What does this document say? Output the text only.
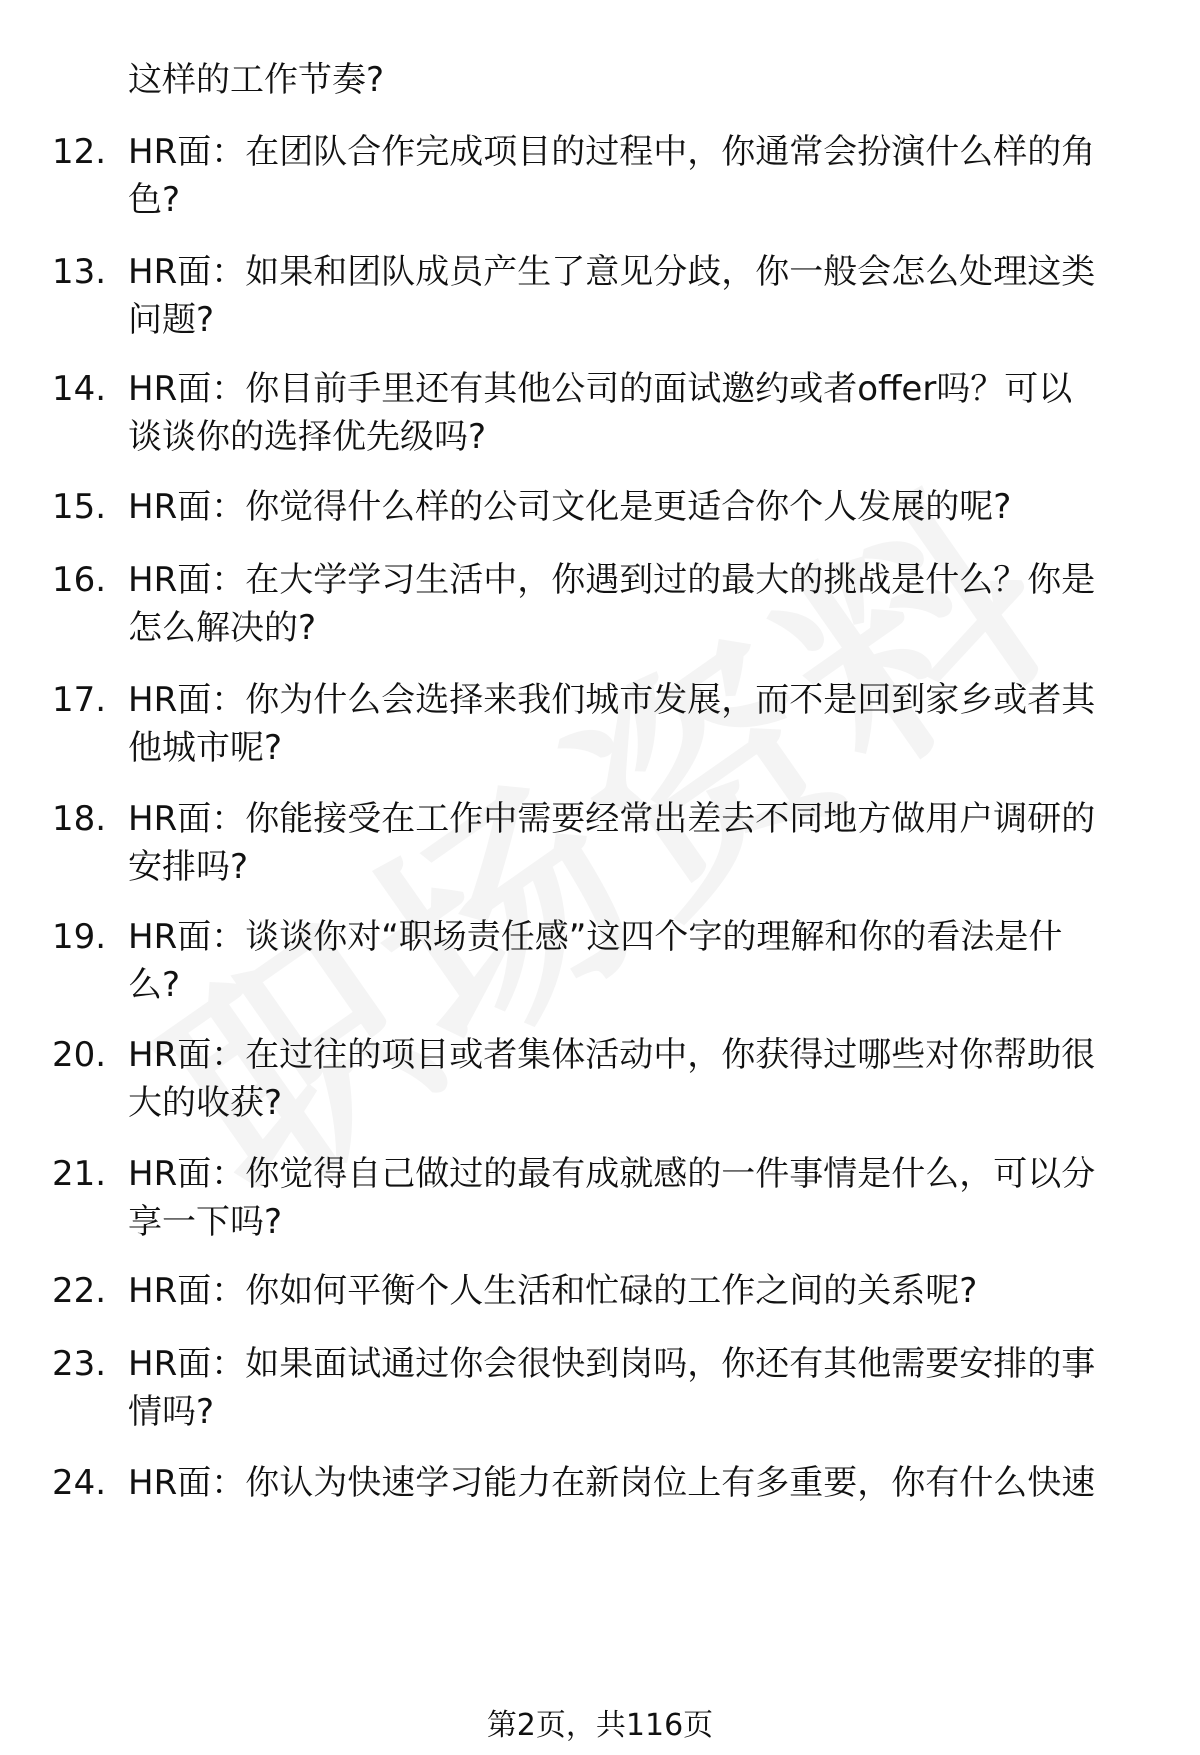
这样的工作节奏?
12. HR面：在团队合作完成项目的过程中，你通常会扮演什么样的角
色?
13. HR面：如果和团队成员产生了意见分歧，你一般会怎么处理这类
问题?
14. HR面：你目前手里还有其他公司的面试邀约或者offer吗？可以
谈谈你的选择优先级吗?
15. HR面：你觉得什么样的公司文化是更适合你个人发展的呢?
16. HR面：在大学学习生活中，你遇到过的最大的挑战是什么？你是
怎么解决的?
17. HR面：你为什么会选择来我们城市发展，而不是回到家乡或者其
他城市呢?
18. HR面：你能接受在工作中需要经常出差去不同地方做用户调研的
安排吗?
19. HR面：谈谈你对“职场责任感”这四个字的理解和你的看法是什
么?
20. HR面：在过往的项目或者集体活动中，你获得过哪些对你帮助很
大的收获?
21. HR面：你觉得自己做过的最有成就感的一件事情是什么，可以分
享一下吗?
22. HR面：你如何平衡个人生活和忙碌的工作之间的关系呢?
23. HR面：如果面试通过你会很快到岗吗，你还有其他需要安排的事
情吗?
24. HR面：你认为快速学习能力在新岗位上有多重要，你有什么快速
第2页，共116页
